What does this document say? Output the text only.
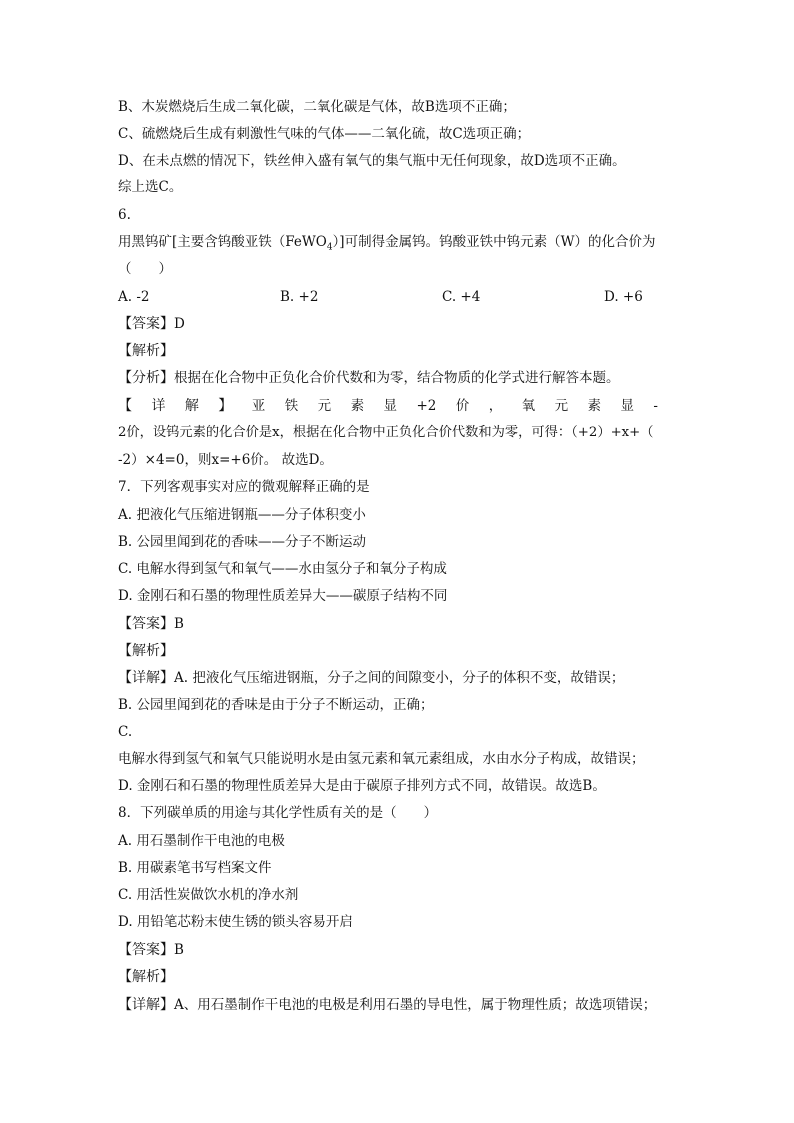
B、木炭燃烧后生成二氧化碳，二氧化碳是气体，故B选项不正确；
C、硫燃烧后生成有刺激性气味的气体——二氧化硫，故C选项正确；
D、在未点燃的情况下，铁丝伸入盛有氧气的集气瓶中无任何现象，故D选项不正确。
综上选C。
6.
用黑钨矿[主要含钨酸亚铁（FeWO$_4$）]可制得金属钨。钨酸亚铁中钨元素（W）的化合价为
（　　）
A. -2	B. +2	C. +4	D. +6
【答案】D
【解析】
【分析】根据在化合物中正负化合价代数和为零，结合物质的化学式进行解答本题。
【 详 解 】 亚 铁 元 素 显 +2 价 ， 氧 元 素 显 -
2价，设钨元素的化合价是x，根据在化合物中正负化合价代数和为零，可得：（+2）+x+（
-2）×4=0，则x=+6价。 故选D。
7．下列客观事实对应的微观解释正确的是
A. 把液化气压缩进钢瓶——分子体积变小
B. 公园里闻到花的香味——分子不断运动
C. 电解水得到氢气和氧气——水由氢分子和氧分子构成
D. 金刚石和石墨的物理性质差异大——碳原子结构不同
【答案】B
【解析】
【详解】A. 把液化气压缩进钢瓶，分子之间的间隙变小，分子的体积不变，故错误；
B. 公园里闻到花的香味是由于分子不断运动，正确；
C.
电解水得到氢气和氧气只能说明水是由氢元素和氧元素组成，水由水分子构成，故错误；
D. 金刚石和石墨的物理性质差异大是由于碳原子排列方式不同，故错误。故选B。
8．下列碳单质的用途与其化学性质有关的是（　　）
A. 用石墨制作干电池的电极
B. 用碳素笔书写档案文件
C. 用活性炭做饮水机的净水剂
D. 用铅笔芯粉末使生锈的锁头容易开启
【答案】B
【解析】
【详解】A、用石墨制作干电池的电极是利用石墨的导电性，属于物理性质；故选项错误；
